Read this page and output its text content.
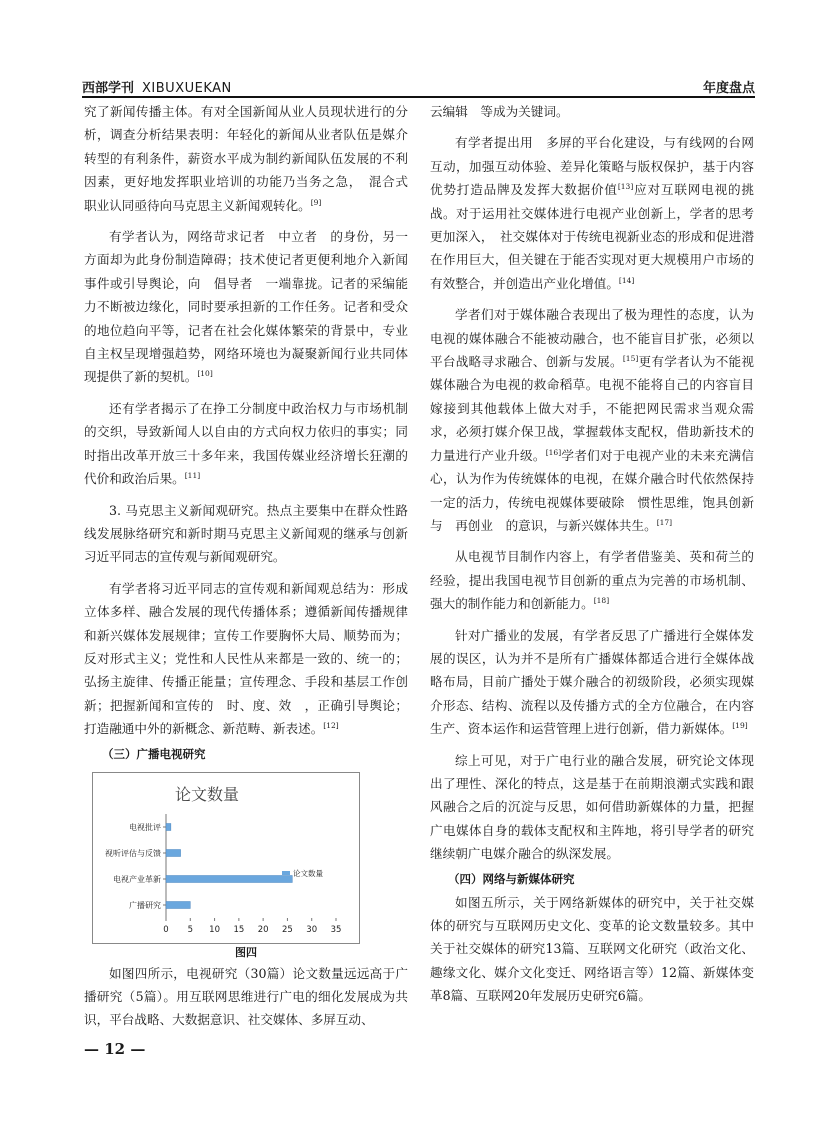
西部学刊 XIBUXUEKAN	年度盘点

究了新闻传播主体。有对全国新闻从业人员现状进行的分析，调查分析结果表明：年轻化的新闻从业者队伍是媒介转型的有利条件，薪资水平成为制约新闻队伍发展的不利因素，更好地发挥职业培训的功能乃当务之急，　混合式　职业认同亟待向马克思主义新闻观转化。[9]

有学者认为，网络苛求记者　中立者　的身份，另一方面却为此身份制造障碍；技术使记者更便利地介入新闻事件或引导舆论，向　倡导者　一端靠拢。记者的采编能力不断被边缘化，同时要承担新的工作任务。记者和受众的地位趋向平等，记者在社会化媒体繁荣的背景中，专业自主权呈现增强趋势，网络环境也为凝聚新闻行业共同体现提供了新的契机。[10]

还有学者揭示了在挣工分制度中政治权力与市场机制的交织，导致新闻人以自由的方式向权力依归的事实；同时指出改革开放三十多年来，我国传媒业经济增长狂潮的代价和政治后果。[11]

3. 马克思主义新闻观研究。热点主要集中在群众性路线发展脉络研究和新时期马克思主义新闻观的继承与创新　　习近平同志的宣传观与新闻观研究。

有学者将习近平同志的宣传观和新闻观总结为：形成立体多样、融合发展的现代传播体系；遵循新闻传播规律和新兴媒体发展规律；宣传工作要胸怀大局、顺势而为；反对形式主义；党性和人民性从来都是一致的、统一的；弘扬主旋律、传播正能量；宣传理念、手段和基层工作创新；把握新闻和宣传的　时、度、效　，正确引导舆论；打造融通中外的新概念、新范畴、新表述。[12]

（三）广播电视研究
论文数量
0 5 10 15 20 25 30 35
电视批评
视听评估与反馈
电视产业革新
广播研究
论文数量
图四

如图四所示，电视研究（30篇）论文数量远远高于广播研究（5篇）。用互联网思维进行广电的细化发展成为共识，平台战略、大数据意识、社交媒体、多屏互动、

云编辑　等成为关键词。

有学者提出用　多屏的平台化建设，与有线网的台网互动，加强互动体验、差异化策略与版权保护，基于内容优势打造品牌及发挥大数据价值[13]应对互联网电视的挑战。对于运用社交媒体进行电视产业创新上，学者的思考更加深入，　社交媒体对于传统电视新业态的形成和促进潜在作用巨大，但关键在于能否实现对更大规模用户市场的有效整合，并创造出产业化增值。[14]

学者们对于媒体融合表现出了极为理性的态度，认为电视的媒体融合不能被动融合，也不能盲目扩张，必须以平台战略寻求融合、创新与发展。[15]更有学者认为不能视媒体融合为电视的救命稻草。电视不能将自己的内容盲目嫁接到其他载体上做大对手，不能把网民需求当观众需求，必须打媒介保卫战，掌握载体支配权，借助新技术的力量进行产业升级。[16]学者们对于电视产业的未来充满信心，认为作为传统媒体的电视，在媒介融合时代依然保持一定的活力，传统电视媒体要破除　惯性思维，饱具创新与　再创业　的意识，与新兴媒体共生。[17]

从电视节目制作内容上，有学者借鉴美、英和荷兰的经验，提出我国电视节目创新的重点为完善的市场机制、强大的制作能力和创新能力。[18]

针对广播业的发展，有学者反思了广播进行全媒体发展的误区，认为并不是所有广播媒体都适合进行全媒体战略布局，目前广播处于媒介融合的初级阶段，必须实现媒介形态、结构、流程以及传播方式的全方位融合，在内容生产、资本运作和运营管理上进行创新，借力新媒体。[19]

综上可见，对于广电行业的融合发展，研究论文体现出了理性、深化的特点，这是基于在前期浪潮式实践和跟风融合之后的沉淀与反思，如何借助新媒体的力量，把握广电媒体自身的载体支配权和主阵地，将引导学者的研究继续朝广电媒介融合的纵深发展。

（四）网络与新媒体研究

如图五所示，关于网络新媒体的研究中，关于社交媒体的研究与互联网历史文化、变革的论文数量较多。其中关于社交媒体的研究13篇、互联网文化研究（政治文化、趣缘文化、媒介文化变迁、网络语言等）12篇、新媒体变革8篇、互联网20年发展历史研究6篇。

— 12 —
